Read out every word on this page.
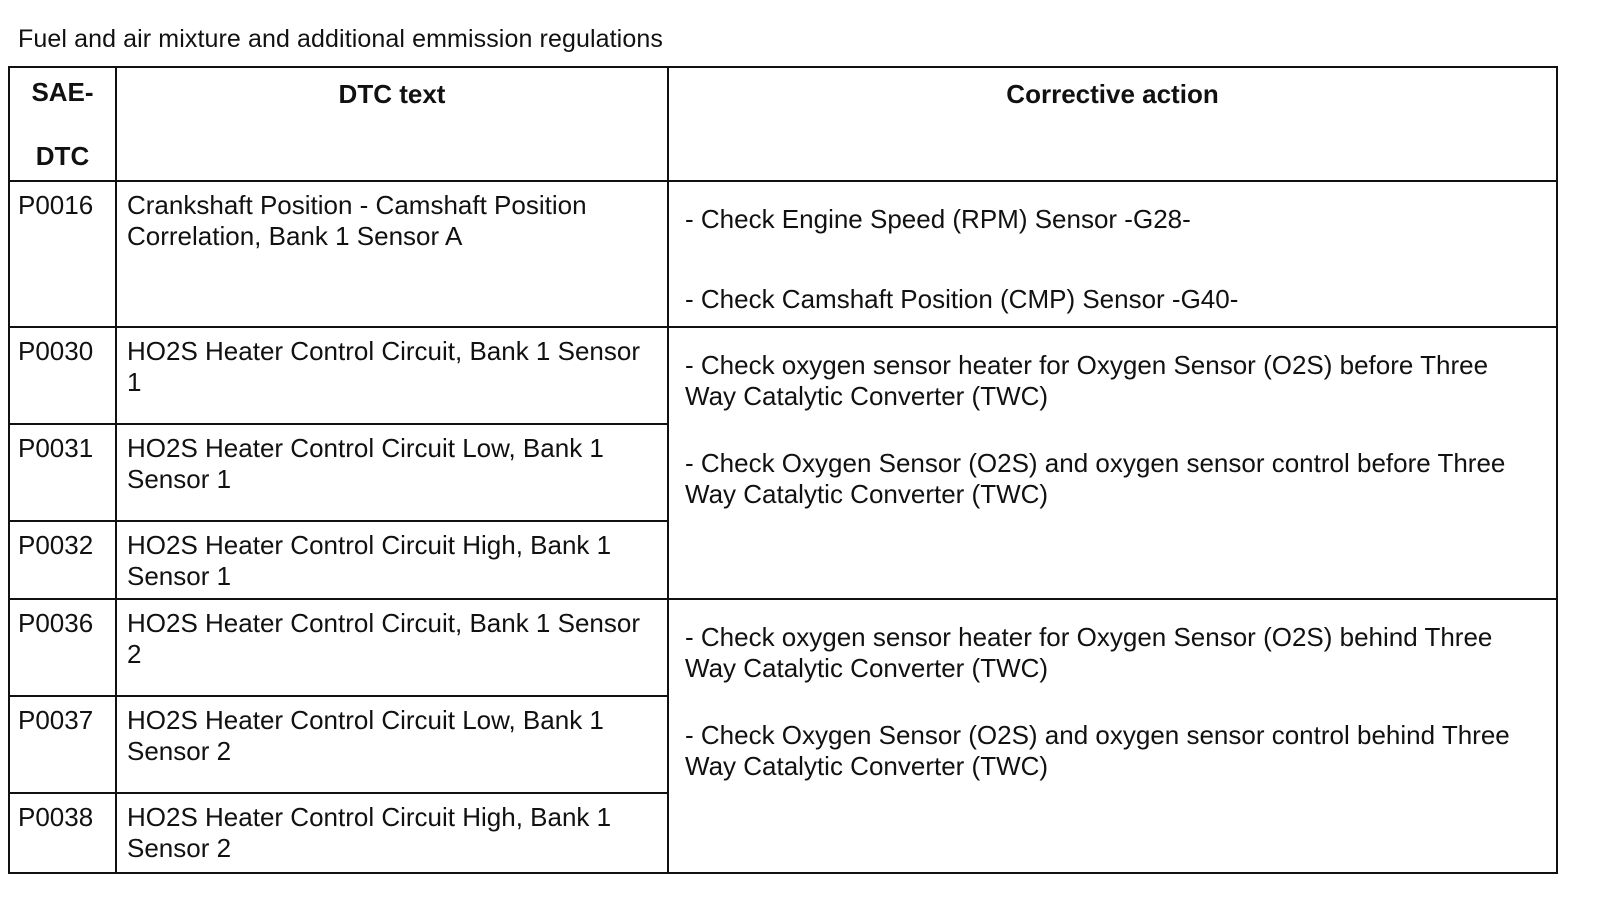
Fuel and air mixture and additional emmission regulations
SAE-
DTC	DTC text	Corrective action
P0016	Crankshaft Position - Camshaft Position Correlation, Bank 1 Sensor A	- Check Engine Speed (RPM) Sensor -G28-
- Check Camshaft Position (CMP) Sensor -G40-

P0030	HO2S Heater Control Circuit, Bank 1 Sensor 1	- Check oxygen sensor heater for Oxygen Sensor (O2S) before Three Way Catalytic Converter (TWC)
- Check Oxygen Sensor (O2S) and oxygen sensor control before Three Way Catalytic Converter (TWC)

P0031	HO2S Heater Control Circuit Low, Bank 1 Sensor 1	
P0032	HO2S Heater Control Circuit High, Bank 1 Sensor 1	
P0036	HO2S Heater Control Circuit, Bank 1 Sensor 2	- Check oxygen sensor heater for Oxygen Sensor (O2S) behind Three Way Catalytic Converter (TWC)
- Check Oxygen Sensor (O2S) and oxygen sensor control behind Three Way Catalytic Converter (TWC)

P0037	HO2S Heater Control Circuit Low, Bank 1 Sensor 2	
P0038	HO2S Heater Control Circuit High, Bank 1 Sensor 2	
